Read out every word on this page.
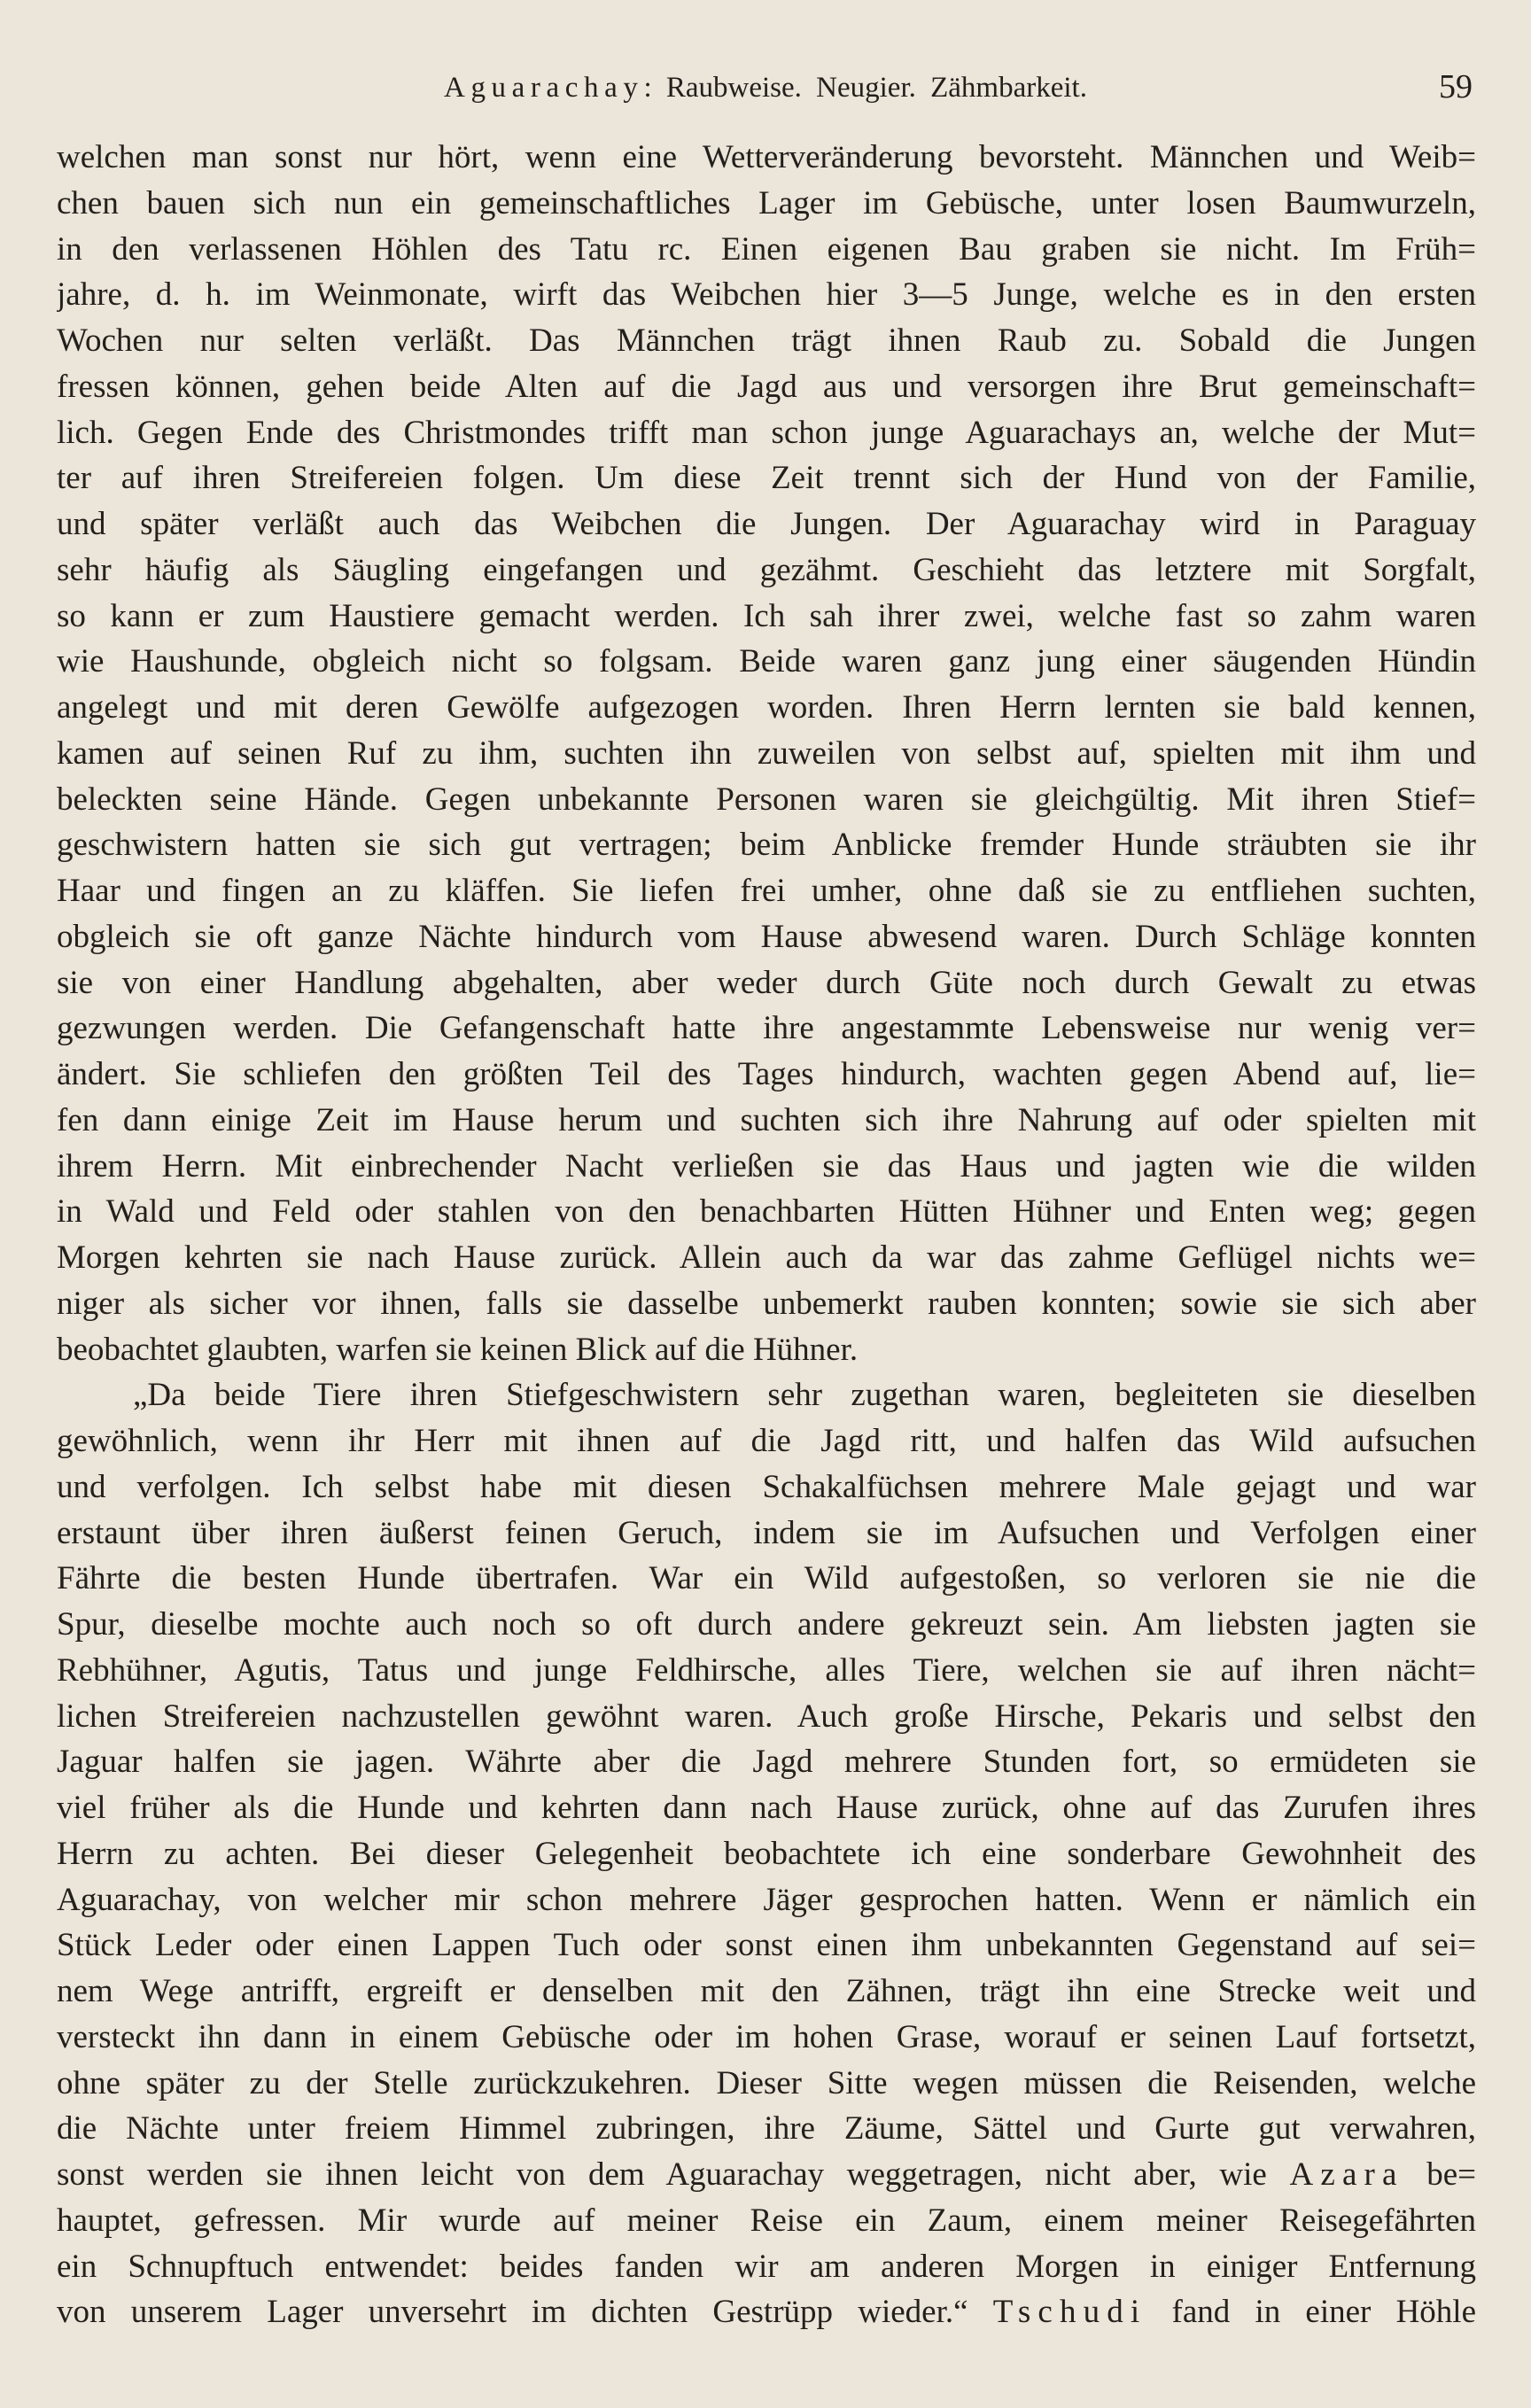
Aguarachay: Raubweise. Neugier. Zähmbarkeit.	59
welchen man sonst nur hört, wenn eine Wetterveränderung bevorsteht. Männchen und Weib=
chen bauen sich nun ein gemeinschaftliches Lager im Gebüsche, unter losen Baumwurzeln,
in den verlassenen Höhlen des Tatu rc. Einen eigenen Bau graben sie nicht. Im Früh=
jahre, d. h. im Weinmonate, wirft das Weibchen hier 3—5 Junge, welche es in den ersten
Wochen nur selten verläßt. Das Männchen trägt ihnen Raub zu. Sobald die Jungen
fressen können, gehen beide Alten auf die Jagd aus und versorgen ihre Brut gemeinschaft=
lich. Gegen Ende des Christmondes trifft man schon junge Aguarachays an, welche der Mut=
ter auf ihren Streifereien folgen. Um diese Zeit trennt sich der Hund von der Familie,
und später verläßt auch das Weibchen die Jungen. Der Aguarachay wird in Paraguay
sehr häufig als Säugling eingefangen und gezähmt. Geschieht das letztere mit Sorgfalt,
so kann er zum Haustiere gemacht werden. Ich sah ihrer zwei, welche fast so zahm waren
wie Haushunde, obgleich nicht so folgsam. Beide waren ganz jung einer säugenden Hündin
angelegt und mit deren Gewölfe aufgezogen worden. Ihren Herrn lernten sie bald kennen,
kamen auf seinen Ruf zu ihm, suchten ihn zuweilen von selbst auf, spielten mit ihm und
beleckten seine Hände. Gegen unbekannte Personen waren sie gleichgültig. Mit ihren Stief=
geschwistern hatten sie sich gut vertragen; beim Anblicke fremder Hunde sträubten sie ihr
Haar und fingen an zu kläffen. Sie liefen frei umher, ohne daß sie zu entfliehen suchten,
obgleich sie oft ganze Nächte hindurch vom Hause abwesend waren. Durch Schläge konnten
sie von einer Handlung abgehalten, aber weder durch Güte noch durch Gewalt zu etwas
gezwungen werden. Die Gefangenschaft hatte ihre angestammte Lebensweise nur wenig ver=
ändert. Sie schliefen den größten Teil des Tages hindurch, wachten gegen Abend auf, lie=
fen dann einige Zeit im Hause herum und suchten sich ihre Nahrung auf oder spielten mit
ihrem Herrn. Mit einbrechender Nacht verließen sie das Haus und jagten wie die wilden
in Wald und Feld oder stahlen von den benachbarten Hütten Hühner und Enten weg; gegen
Morgen kehrten sie nach Hause zurück. Allein auch da war das zahme Geflügel nichts we=
niger als sicher vor ihnen, falls sie dasselbe unbemerkt rauben konnten; sowie sie sich aber
beobachtet glaubten, warfen sie keinen Blick auf die Hühner.
„Da beide Tiere ihren Stiefgeschwistern sehr zugethan waren, begleiteten sie dieselben
gewöhnlich, wenn ihr Herr mit ihnen auf die Jagd ritt, und halfen das Wild aufsuchen
und verfolgen. Ich selbst habe mit diesen Schakalfüchsen mehrere Male gejagt und war
erstaunt über ihren äußerst feinen Geruch, indem sie im Aufsuchen und Verfolgen einer
Fährte die besten Hunde übertrafen. War ein Wild aufgestoßen, so verloren sie nie die
Spur, dieselbe mochte auch noch so oft durch andere gekreuzt sein. Am liebsten jagten sie
Rebhühner, Agutis, Tatus und junge Feldhirsche, alles Tiere, welchen sie auf ihren nächt=
lichen Streifereien nachzustellen gewöhnt waren. Auch große Hirsche, Pekaris und selbst den
Jaguar halfen sie jagen. Währte aber die Jagd mehrere Stunden fort, so ermüdeten sie
viel früher als die Hunde und kehrten dann nach Hause zurück, ohne auf das Zurufen ihres
Herrn zu achten. Bei dieser Gelegenheit beobachtete ich eine sonderbare Gewohnheit des
Aguarachay, von welcher mir schon mehrere Jäger gesprochen hatten. Wenn er nämlich ein
Stück Leder oder einen Lappen Tuch oder sonst einen ihm unbekannten Gegenstand auf sei=
nem Wege antrifft, ergreift er denselben mit den Zähnen, trägt ihn eine Strecke weit und
versteckt ihn dann in einem Gebüsche oder im hohen Grase, worauf er seinen Lauf fortsetzt,
ohne später zu der Stelle zurückzukehren. Dieser Sitte wegen müssen die Reisenden, welche
die Nächte unter freiem Himmel zubringen, ihre Zäume, Sättel und Gurte gut verwahren,
sonst werden sie ihnen leicht von dem Aguarachay weggetragen, nicht aber, wie Azara be=
hauptet, gefressen. Mir wurde auf meiner Reise ein Zaum, einem meiner Reisegefährten
ein Schnupftuch entwendet: beides fanden wir am anderen Morgen in einiger Entfernung
von unserem Lager unversehrt im dichten Gestrüpp wieder.“ Tschudi fand in einer Höhle
